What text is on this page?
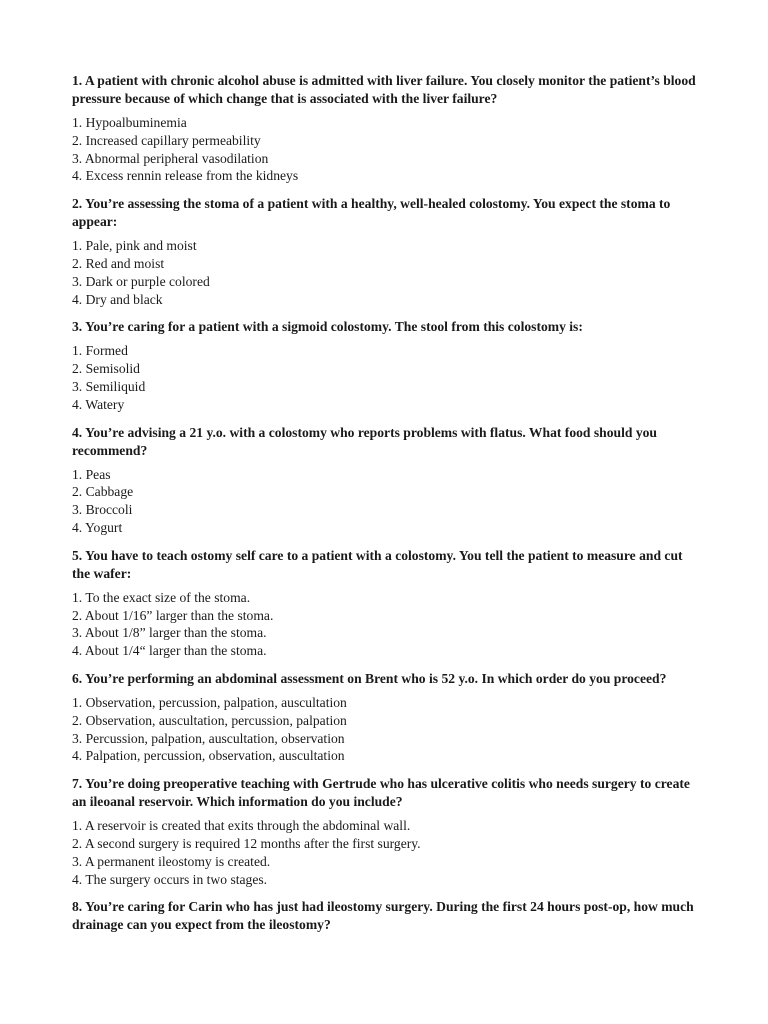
1. A patient with chronic alcohol abuse is admitted with liver failure. You closely monitor the patient’s blood pressure because of which change that is associated with the liver failure?

1. Hypoalbuminemia
2. Increased capillary permeability
3. Abnormal peripheral vasodilation
4. Excess rennin release from the kidneys

2. You’re assessing the stoma of a patient with a healthy, well-healed colostomy. You expect the stoma to appear:

1. Pale, pink and moist
2. Red and moist
3. Dark or purple colored
4. Dry and black

3. You’re caring for a patient with a sigmoid colostomy. The stool from this colostomy is:

1. Formed
2. Semisolid
3. Semiliquid
4. Watery

4. You’re advising a 21 y.o. with a colostomy who reports problems with flatus. What food should you recommend?

1. Peas
2. Cabbage
3. Broccoli
4. Yogurt

5. You have to teach ostomy self care to a patient with a colostomy. You tell the patient to measure and cut the wafer:

1. To the exact size of the stoma.
2. About 1/16” larger than the stoma.
3. About 1/8” larger than the stoma.
4. About 1/4“ larger than the stoma.

6. You’re performing an abdominal assessment on Brent who is 52 y.o. In which order do you proceed?

1. Observation, percussion, palpation, auscultation
2. Observation, auscultation, percussion, palpation
3. Percussion, palpation, auscultation, observation
4. Palpation, percussion, observation, auscultation

7. You’re doing preoperative teaching with Gertrude who has ulcerative colitis who needs surgery to create an ileoanal reservoir. Which information do you include?

1. A reservoir is created that exits through the abdominal wall.
2. A second surgery is required 12 months after the first surgery.
3. A permanent ileostomy is created.
4. The surgery occurs in two stages.

8. You’re caring for Carin who has just had ileostomy surgery. During the first 24 hours post-op, how much drainage can you expect from the ileostomy?
